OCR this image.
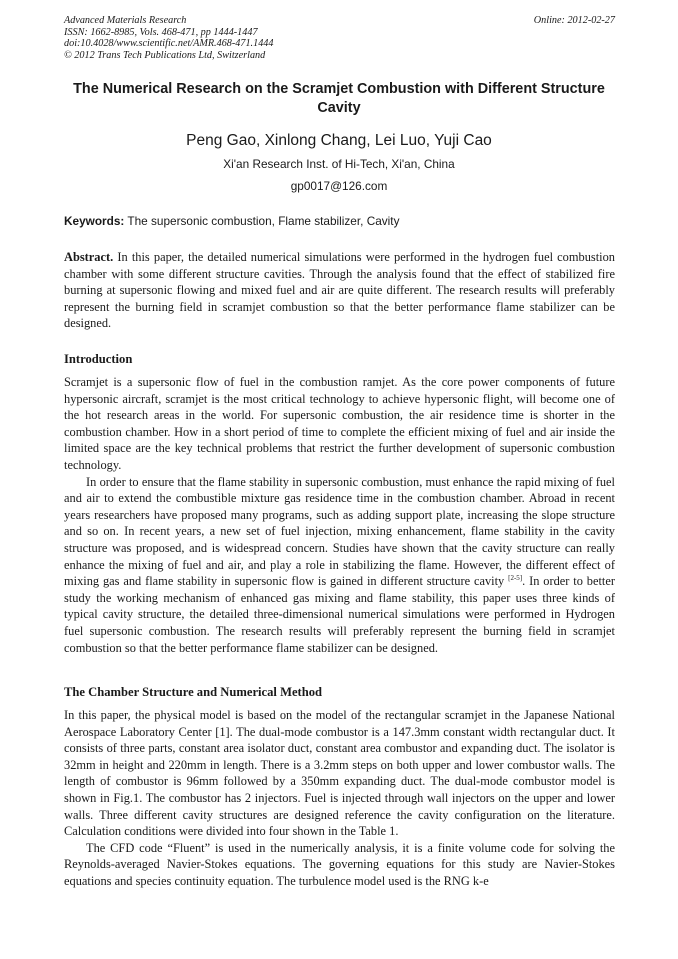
Advanced Materials Research
ISSN: 1662-8985, Vols. 468-471, pp 1444-1447
doi:10.4028/www.scientific.net/AMR.468-471.1444
© 2012 Trans Tech Publications Ltd, Switzerland
Online: 2012-02-27
The Numerical Research on the Scramjet Combustion with Different Structure Cavity
Peng Gao, Xinlong Chang, Lei Luo, Yuji Cao
Xi'an Research Inst. of Hi-Tech, Xi'an, China
gp0017@126.com
Keywords: The supersonic combustion, Flame stabilizer, Cavity

Abstract. In this paper, the detailed numerical simulations were performed in the hydrogen fuel combustion chamber with some different structure cavities. Through the analysis found that the effect of stabilized fire burning at supersonic flowing and mixed fuel and air are quite different. The research results will preferably represent the burning field in scramjet combustion so that the better performance flame stabilizer can be designed.

Introduction

Scramjet is a supersonic flow of fuel in the combustion ramjet. As the core power components of future hypersonic aircraft, scramjet is the most critical technology to achieve hypersonic flight, will become one of the hot research areas in the world. For supersonic combustion, the air residence time is shorter in the combustion chamber. How in a short period of time to complete the efficient mixing of fuel and air inside the limited space are the key technical problems that restrict the further development of supersonic combustion technology.

In order to ensure that the flame stability in supersonic combustion, must enhance the rapid mixing of fuel and air to extend the combustible mixture gas residence time in the combustion chamber. Abroad in recent years researchers have proposed many programs, such as adding support plate, increasing the slope structure and so on. In recent years, a new set of fuel injection, mixing enhancement, flame stability in the cavity structure was proposed, and is widespread concern. Studies have shown that the cavity structure can really enhance the mixing of fuel and air, and play a role in stabilizing the flame. However, the different effect of mixing gas and flame stability in supersonic flow is gained in different structure cavity [2-5]. In order to better study the working mechanism of enhanced gas mixing and flame stability, this paper uses three kinds of typical cavity structure, the detailed three-dimensional numerical simulations were performed in Hydrogen fuel supersonic combustion. The research results will preferably represent the burning field in scramjet combustion so that the better performance flame stabilizer can be designed.

The Chamber Structure and Numerical Method

In this paper, the physical model is based on the model of the rectangular scramjet in the Japanese National Aerospace Laboratory Center [1]. The dual-mode combustor is a 147.3mm constant width rectangular duct. It consists of three parts, constant area isolator duct, constant area combustor and expanding duct. The isolator is 32mm in height and 220mm in length. There is a 3.2mm steps on both upper and lower combustor walls. The length of combustor is 96mm followed by a 350mm expanding duct. The dual-mode combustor model is shown in Fig.1. The combustor has 2 injectors. Fuel is injected through wall injectors on the upper and lower walls. Three different cavity structures are designed reference the cavity configuration on the literature. Calculation conditions were divided into four shown in the Table 1.

The CFD code “Fluent” is used in the numerically analysis, it is a finite volume code for solving the Reynolds-averaged Navier-Stokes equations. The governing equations for this study are Navier-Stokes equations and species continuity equation. The turbulence model used is the RNG k-e
